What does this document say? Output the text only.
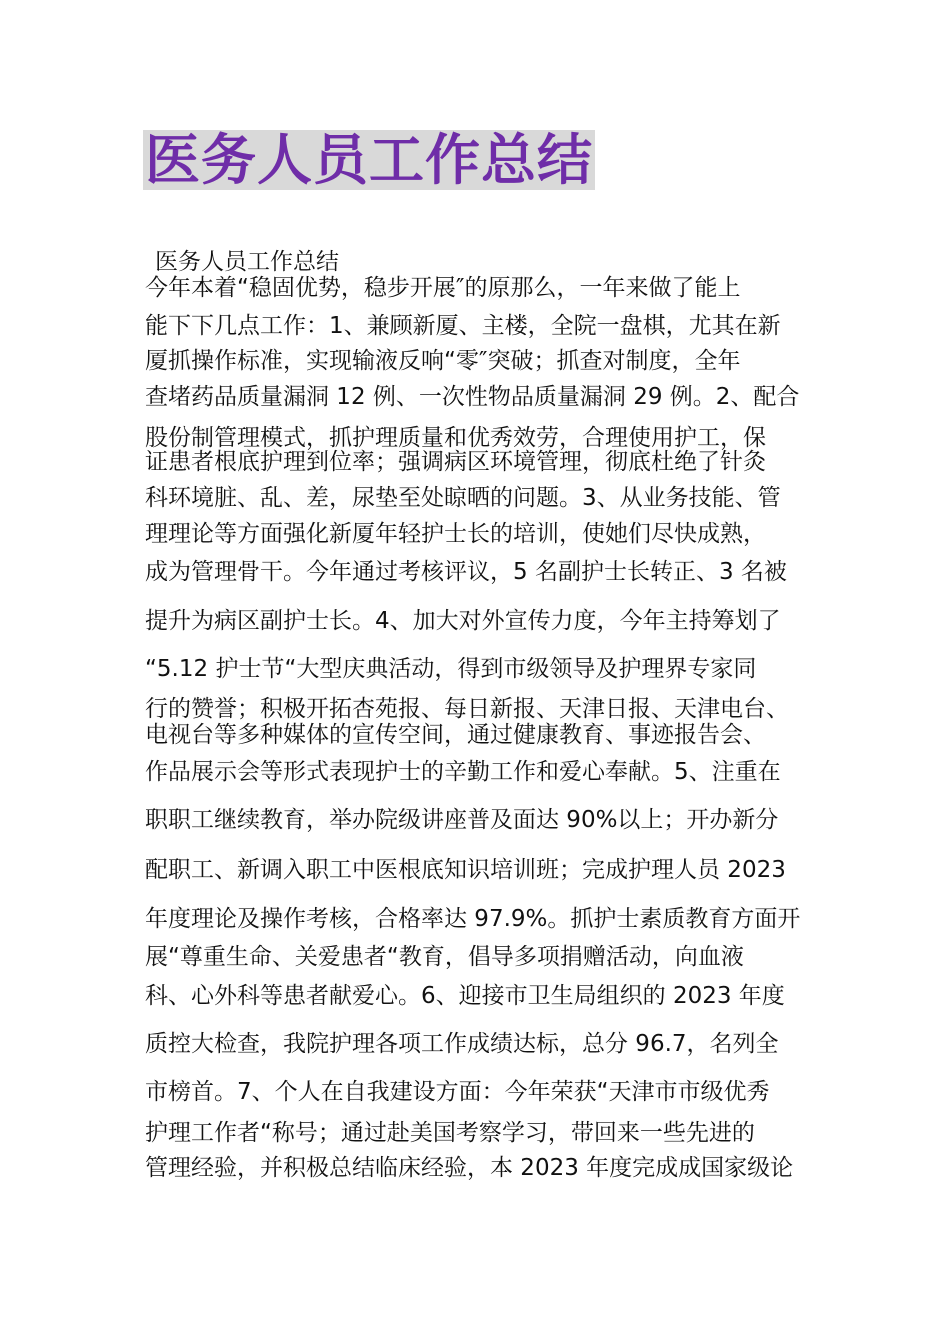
医务人员工作总结
医务人员工作总结
今年本着“稳固优势，稳步开展″的原那么，一年来做了能上
能下下几点工作：1、兼顾新厦、主楼，全院一盘棋，尤其在新
厦抓操作标准，实现输液反响“零″突破；抓查对制度，全年
查堵药品质量漏洞 12 例、一次性物品质量漏洞 29 例。2、配合
股份制管理模式，抓护理质量和优秀效劳，合理使用护工，保
证患者根底护理到位率；强调病区环境管理，彻底杜绝了针灸
科环境脏、乱、差，尿垫至处晾晒的问题。3、从业务技能、管
理理论等方面强化新厦年轻护士长的培训，使她们尽快成熟，
成为管理骨干。今年通过考核评议，5 名副护士长转正、3 名被
提升为病区副护士长。4、加大对外宣传力度，今年主持筹划了
“5.12 护士节“大型庆典活动，得到市级领导及护理界专家同
行的赞誉；积极开拓杏苑报、每日新报、天津日报、天津电台、
电视台等多种媒体的宣传空间，通过健康教育、事迹报告会、
作品展示会等形式表现护士的辛勤工作和爱心奉献。5、注重在
职职工继续教育，举办院级讲座普及面达 90%以上；开办新分
配职工、新调入职工中医根底知识培训班；完成护理人员 2023
年度理论及操作考核，合格率达 97.9%。抓护士素质教育方面开
展“尊重生命、关爱患者“教育，倡导多项捐赠活动，向血液
科、心外科等患者献爱心。6、迎接市卫生局组织的 2023 年度
质控大检查，我院护理各项工作成绩达标，总分 96.7，名列全
市榜首。7、个人在自我建设方面：今年荣获“天津市市级优秀
护理工作者“称号；通过赴美国考察学习，带回来一些先进的
管理经验，并积极总结临床经验，本 2023 年度完成成国家级论
